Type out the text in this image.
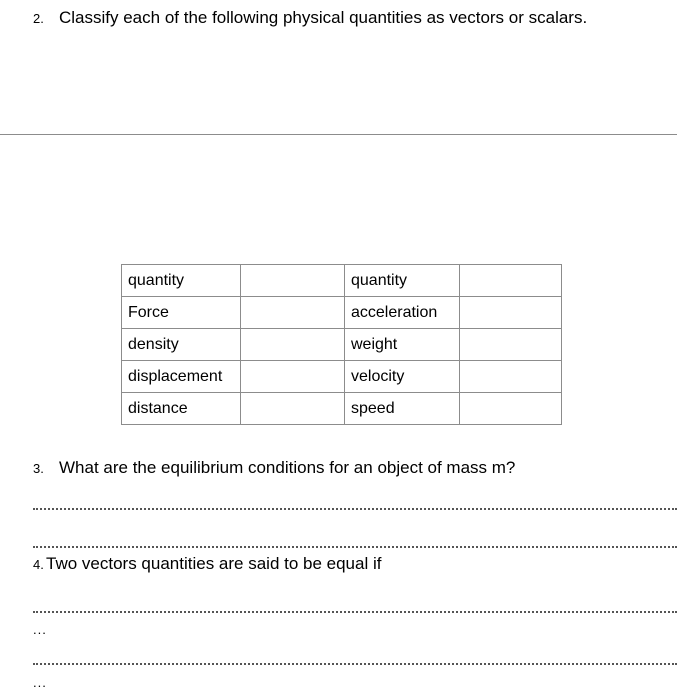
2. Classify each of the following physical quantities as vectors or scalars.
quantity		quantity	
Force		acceleration	
density		weight	
displacement		velocity	
distance		speed	
3. What are the equilibrium conditions for an object of mass m?
4. Two vectors quantities are said to be equal if
...
...
